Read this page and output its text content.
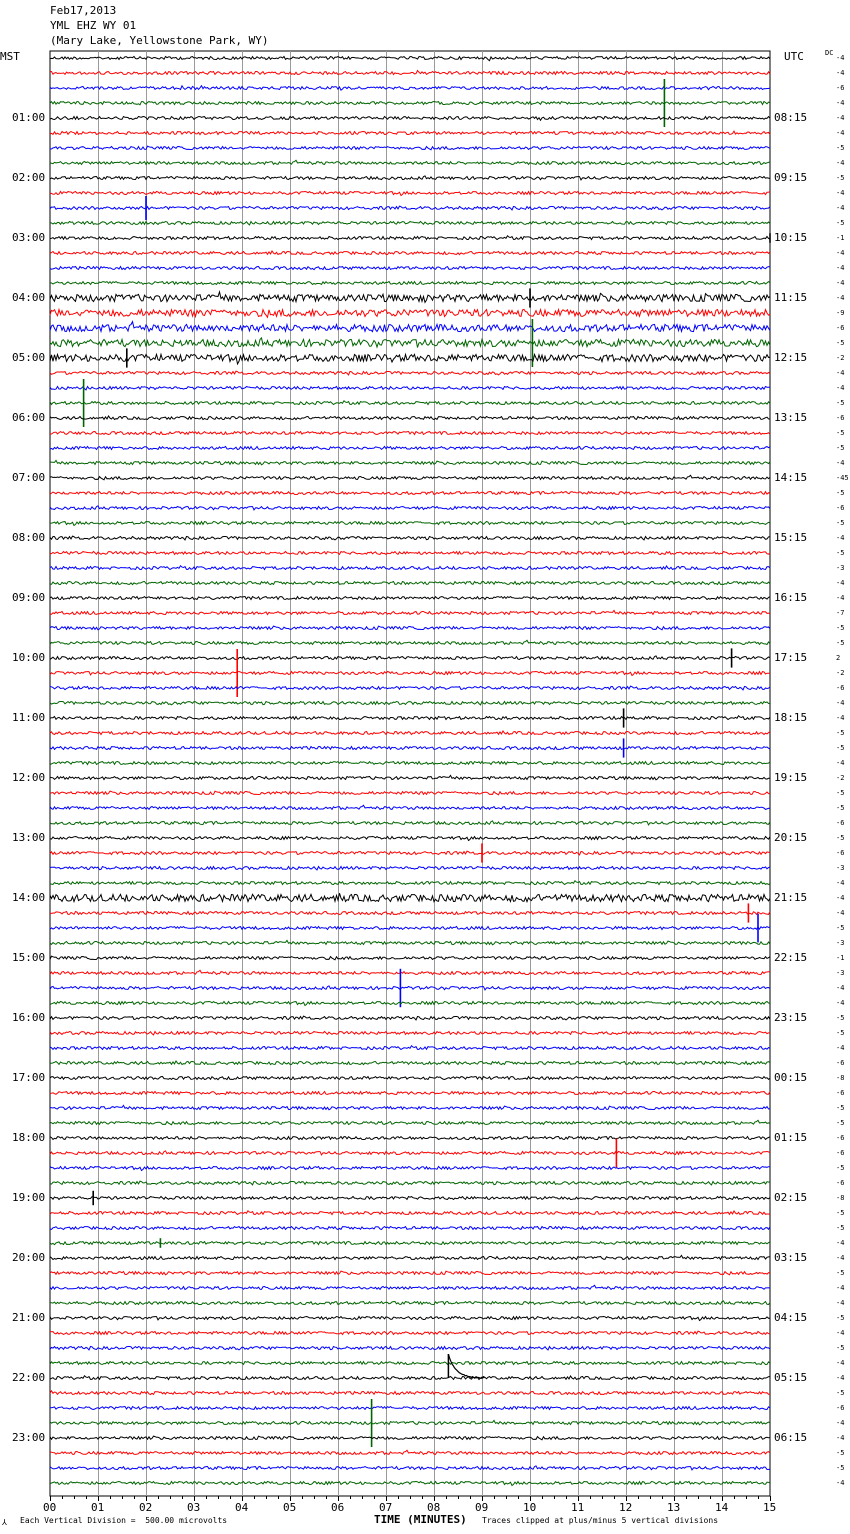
Feb17,2013
YML EHZ WY 01
(Mary Lake, Yellowstone Park, WY)
MST	UTC	DC
-4
-4
-6
-4
-4
-4
-5
-4
-5
-4
-4
-5
-1
-4
-4
-4
-4
-9
-6
-5
-2
-4
-4
-5
-6
-5
-5
-4
-45
-5
-6
-5
-4
-5
-3
-4
-4
-7
-5
-5
2
-2
-6
-4
-4
-5
-5
-4
-2
-5
-5
-6
-5
-6
-3
-4
-4
-4
-5
-3
-1
-3
-4
-4
-5
-5
-4
-6
-8
-6
-5
-5
-6
-6
-5
-6
-8
-5
-5
-4
-4
-5
-4
-4
-5
-4
-5
-4
-4
-5
-6
-4
-4
-5
-5
-4
01:00	08:15
02:00	09:15
03:00	10:15
04:00	11:15
05:00	12:15
06:00	13:15
07:00	14:15
08:00	15:15
09:00	16:15
10:00	17:15
11:00	18:15
12:00	19:15
13:00	20:15
14:00	21:15
15:00	22:15
16:00	23:15
17:00	00:15
18:00	01:15
19:00	02:15
20:00	03:15
21:00	04:15
22:00	05:15
23:00	06:15
00	01	02	03	04	05	06	07	08	09	10	11	12	13	14	15
TIME (MINUTES)
⅄ Each Vertical Division =  500.00 microvolts	Traces clipped at plus/minus 5 vertical divisions
